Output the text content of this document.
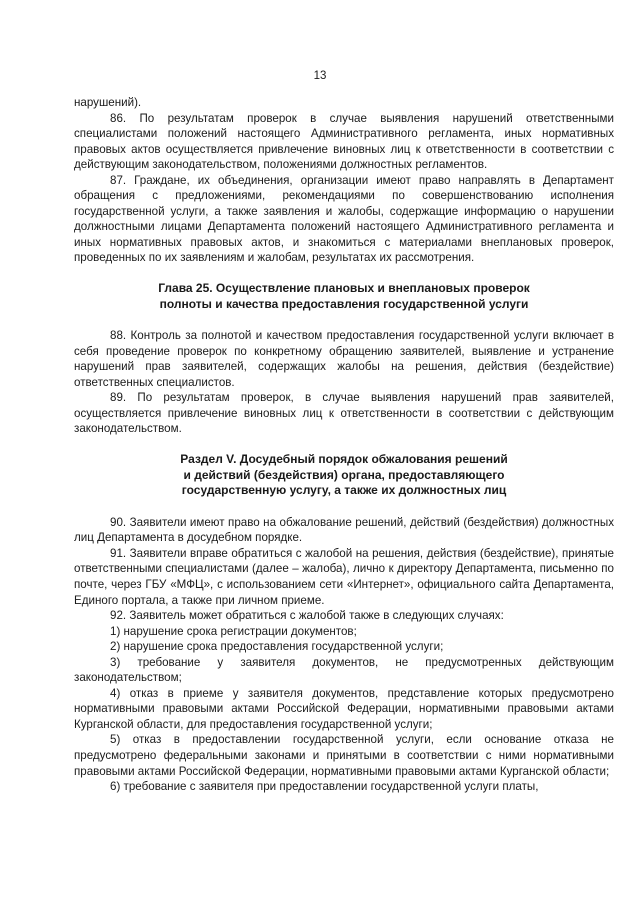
13

нарушений).

86. По результатам проверок в случае выявления нарушений ответственными специалистами положений настоящего Административного регламента, иных нормативных правовых актов осуществляется привлечение виновных лиц к ответственности в соответствии с действующим законодательством, положениями должностных регламентов.

87. Граждане, их объединения, организации имеют право направлять в Департамент обращения с предложениями, рекомендациями по совершенствованию исполнения государственной услуги, а также заявления и жалобы, содержащие информацию о нарушении должностными лицами Департамента положений настоящего Административного регламента и иных нормативных правовых актов, и знакомиться с материалами внеплановых проверок, проведенных по их заявлениям и жалобам, результатах их рассмотрения.

Глава 25. Осуществление плановых и внеплановых проверок
полноты и качества предоставления государственной услуги

88. Контроль за полнотой и качеством предоставления государственной услуги включает в себя проведение проверок по конкретному обращению заявителей, выявление и устранение нарушений прав заявителей, содержащих жалобы на решения, действия (бездействие) ответственных специалистов.

89. По результатам проверок, в случае выявления нарушений прав заявителей, осуществляется привлечение виновных лиц к ответственности в соответствии с действующим законодательством.

Раздел V. Досудебный порядок обжалования решений
и действий (бездействия) органа, предоставляющего
государственную услугу, а также их должностных лиц

90. Заявители имеют право на обжалование решений, действий (бездействия) должностных лиц Департамента в досудебном порядке.

91. Заявители вправе обратиться с жалобой на решения, действия (бездействие), принятые ответственными специалистами (далее – жалоба), лично к директору Департамента, письменно по почте, через ГБУ «МФЦ», с использованием сети «Интернет», официального сайта Департамента, Единого портала, а также при личном приеме.

92. Заявитель может обратиться с жалобой также в следующих случаях:

1) нарушение срока регистрации документов;

2) нарушение срока предоставления государственной услуги;

3) требование у заявителя документов, не предусмотренных действующим законодательством;

4) отказ в приеме у заявителя документов, представление которых предусмотрено нормативными правовыми актами Российской Федерации, нормативными правовыми актами Курганской области, для предоставления государственной услуги;

5) отказ в предоставлении государственной услуги, если основание отказа не предусмотрено федеральными законами и принятыми в соответствии с ними нормативными правовыми актами Российской Федерации, нормативными правовыми актами Курганской области;

6) требование с заявителя при предоставлении государственной услуги платы,
